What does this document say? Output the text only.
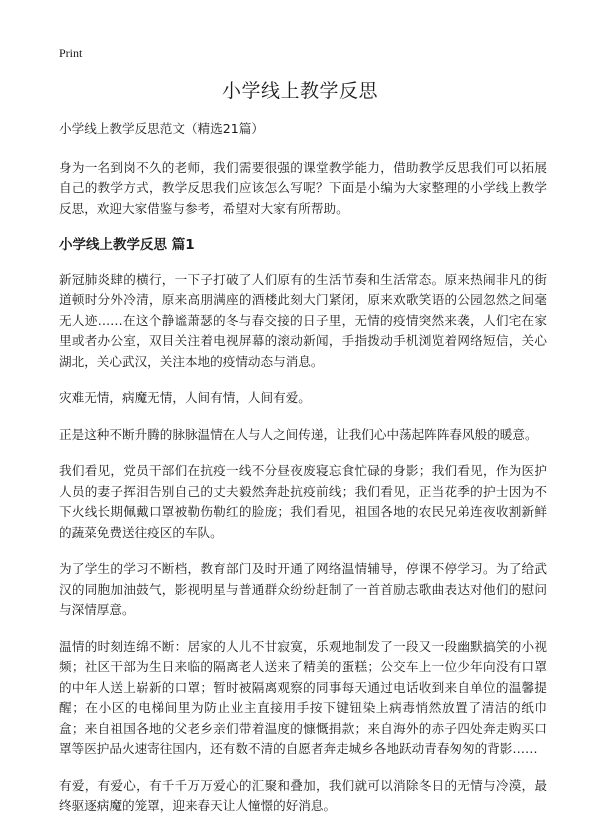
Print
小学线上教学反思

小学线上教学反思范文（精选21篇）

身为一名到岗不久的老师，我们需要很强的课堂教学能力，借助教学反思我们可以拓展自己的教学方式，教学反思我们应该怎么写呢？下面是小编为大家整理的小学线上教学反思，欢迎大家借鉴与参考，希望对大家有所帮助。

小学线上教学反思 篇1

新冠肺炎肆的横行，一下子打破了人们原有的生活节奏和生活常态。原来热闹非凡的街道顿时分外冷清，原来高朋满座的酒楼此刻大门紧闭，原来欢歌笑语的公园忽然之间毫无人迹……在这个静谧萧瑟的冬与春交接的日子里，无情的疫情突然来袭，人们宅在家里或者办公室，双目关注着电视屏幕的滚动新闻，手指拨动手机浏览着网络短信，关心湖北，关心武汉，关注本地的疫情动态与消息。

灾难无情，病魔无情，人间有情，人间有爱。

正是这种不断升腾的脉脉温情在人与人之间传递，让我们心中荡起阵阵春风般的暖意。

我们看见，党员干部们在抗疫一线不分昼夜废寝忘食忙碌的身影；我们看见，作为医护人员的妻子挥泪告别自己的丈夫毅然奔赴抗疫前线；我们看见，正当花季的护士因为不下火线长期佩戴口罩被勒伤勒红的脸庞；我们看见，祖国各地的农民兄弟连夜收割新鲜的蔬菜免费送往疫区的车队。

为了学生的学习不断档，教育部门及时开通了网络温情辅导，停课不停学习。为了给武汉的同胞加油鼓气，影视明星与普通群众纷纷赶制了一首首励志歌曲表达对他们的慰问与深情厚意。

温情的时刻连绵不断：居家的人儿不甘寂寞，乐观地制发了一段又一段幽默搞笑的小视频；社区干部为生日来临的隔离老人送来了精美的蛋糕；公交车上一位少年向没有口罩的中年人送上崭新的口罩；暂时被隔离观察的同事每天通过电话收到来自单位的温馨提醒；在小区的电梯间里为防止业主直接用手按下键钮染上病毒悄然放置了清洁的纸巾盒；来自祖国各地的父老乡亲们带着温度的慷慨捐款；来自海外的赤子四处奔走购买口罩等医护品火速寄往国内，还有数不清的自愿者奔走城乡各地跃动青春匆匆的背影……

有爱，有爱心，有千千万万爱心的汇聚和叠加，我们就可以消除冬日的无情与冷漠，最终驱逐病魔的笼罩，迎来春天让人憧憬的好消息。
